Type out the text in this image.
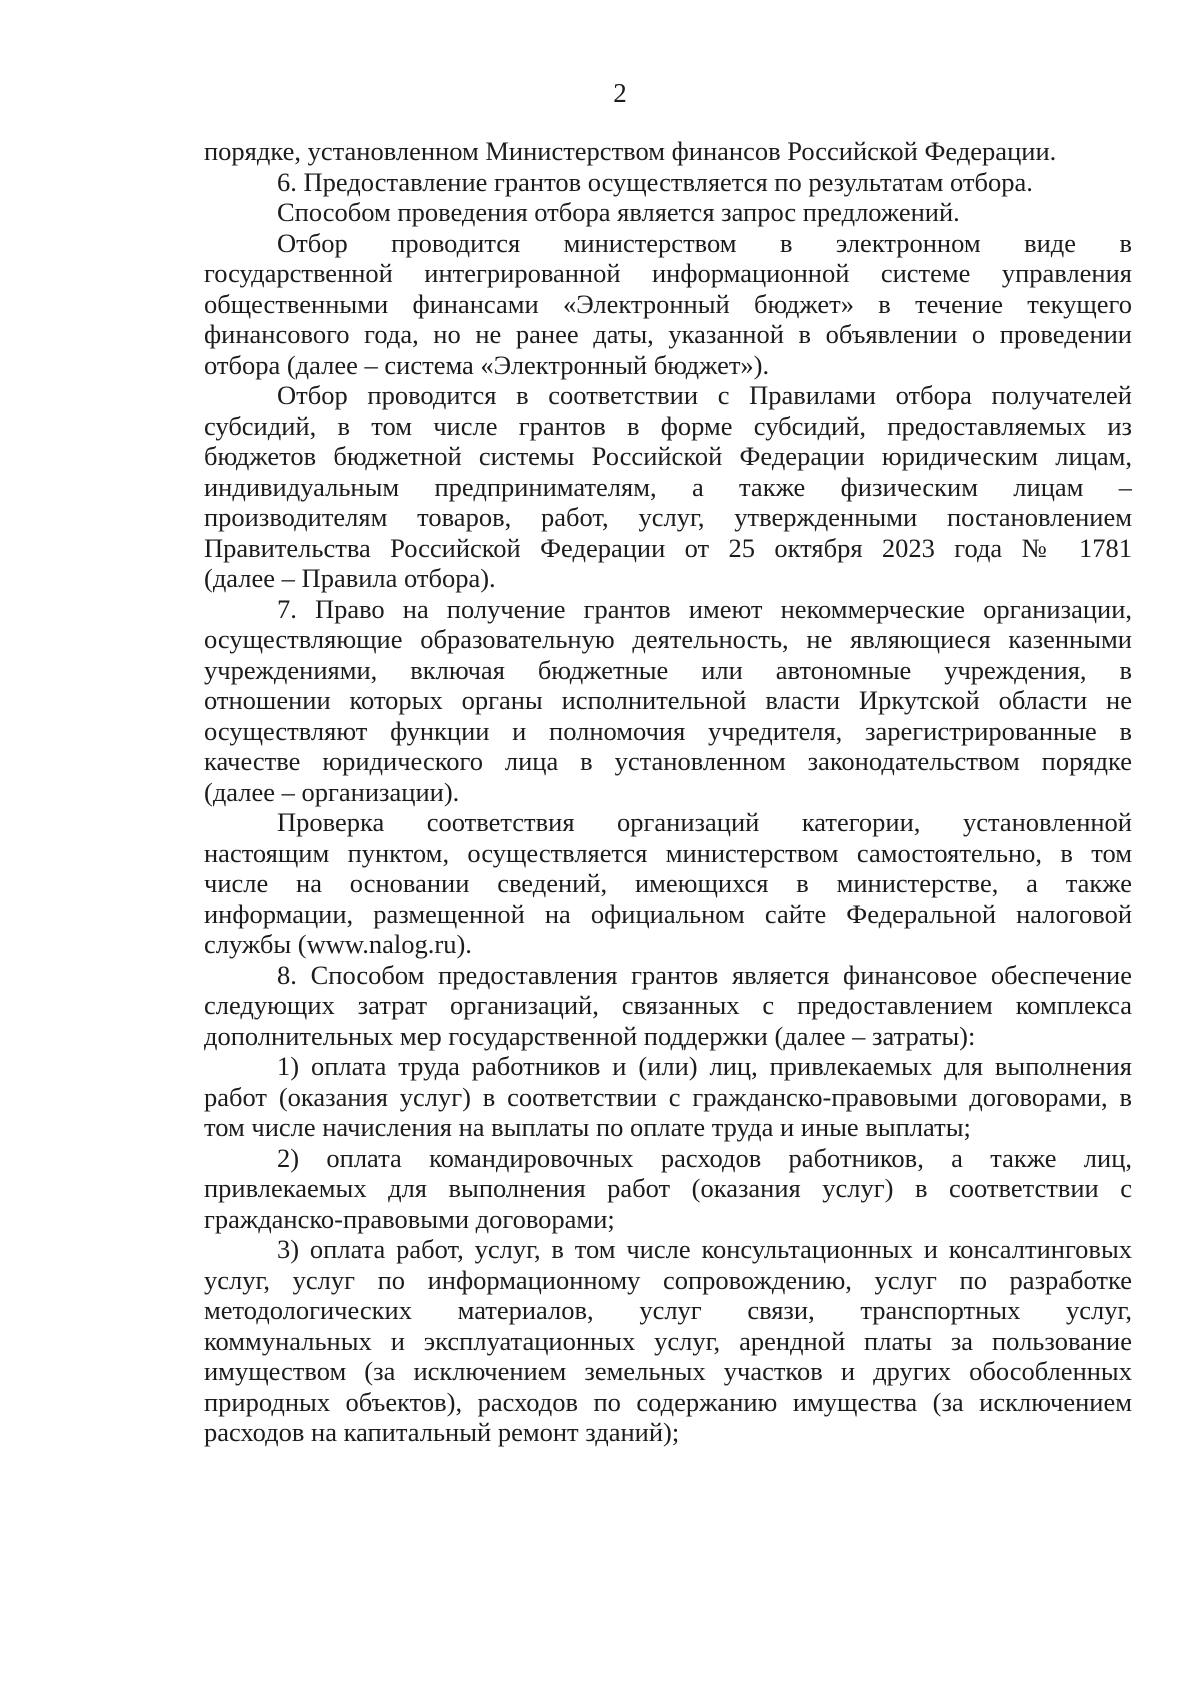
2
порядке, установленном Министерством финансов Российской Федерации.
6. Предоставление грантов осуществляется по результатам отбора.
Способом проведения отбора является запрос предложений.
Отбор проводится министерством в электронном виде в
государственной интегрированной информационной системе управления
общественными финансами «Электронный бюджет» в течение текущего
финансового года, но не ранее даты, указанной в объявлении о проведении
отбора (далее – система «Электронный бюджет»).
Отбор проводится в соответствии с Правилами отбора получателей
субсидий, в том числе грантов в форме субсидий, предоставляемых из
бюджетов бюджетной системы Российской Федерации юридическим лицам,
индивидуальным предпринимателям, а также физическим лицам –
производителям товаров, работ, услуг, утвержденными постановлением
Правительства Российской Федерации от 25 октября 2023 года № 1781
(далее – Правила отбора).
7. Право на получение грантов имеют некоммерческие организации,
осуществляющие образовательную деятельность, не являющиеся казенными
учреждениями, включая бюджетные или автономные учреждения, в
отношении которых органы исполнительной власти Иркутской области не
осуществляют функции и полномочия учредителя, зарегистрированные в
качестве юридического лица в установленном законодательством порядке
(далее – организации).
Проверка соответствия организаций категории, установленной
настоящим пунктом, осуществляется министерством самостоятельно, в том
числе на основании сведений, имеющихся в министерстве, а также
информации, размещенной на официальном сайте Федеральной налоговой
службы (www.nalog.ru).
8. Способом предоставления грантов является финансовое обеспечение
следующих затрат организаций, связанных с предоставлением комплекса
дополнительных мер государственной поддержки (далее – затраты):
1) оплата труда работников и (или) лиц, привлекаемых для выполнения
работ (оказания услуг) в соответствии с гражданско-правовыми договорами, в
том числе начисления на выплаты по оплате труда и иные выплаты;
2) оплата командировочных расходов работников, а также лиц,
привлекаемых для выполнения работ (оказания услуг) в соответствии с
гражданско-правовыми договорами;
3) оплата работ, услуг, в том числе консультационных и консалтинговых
услуг, услуг по информационному сопровождению, услуг по разработке
методологических материалов, услуг связи, транспортных услуг,
коммунальных и эксплуатационных услуг, арендной платы за пользование
имуществом (за исключением земельных участков и других обособленных
природных объектов), расходов по содержанию имущества (за исключением
расходов на капитальный ремонт зданий);
